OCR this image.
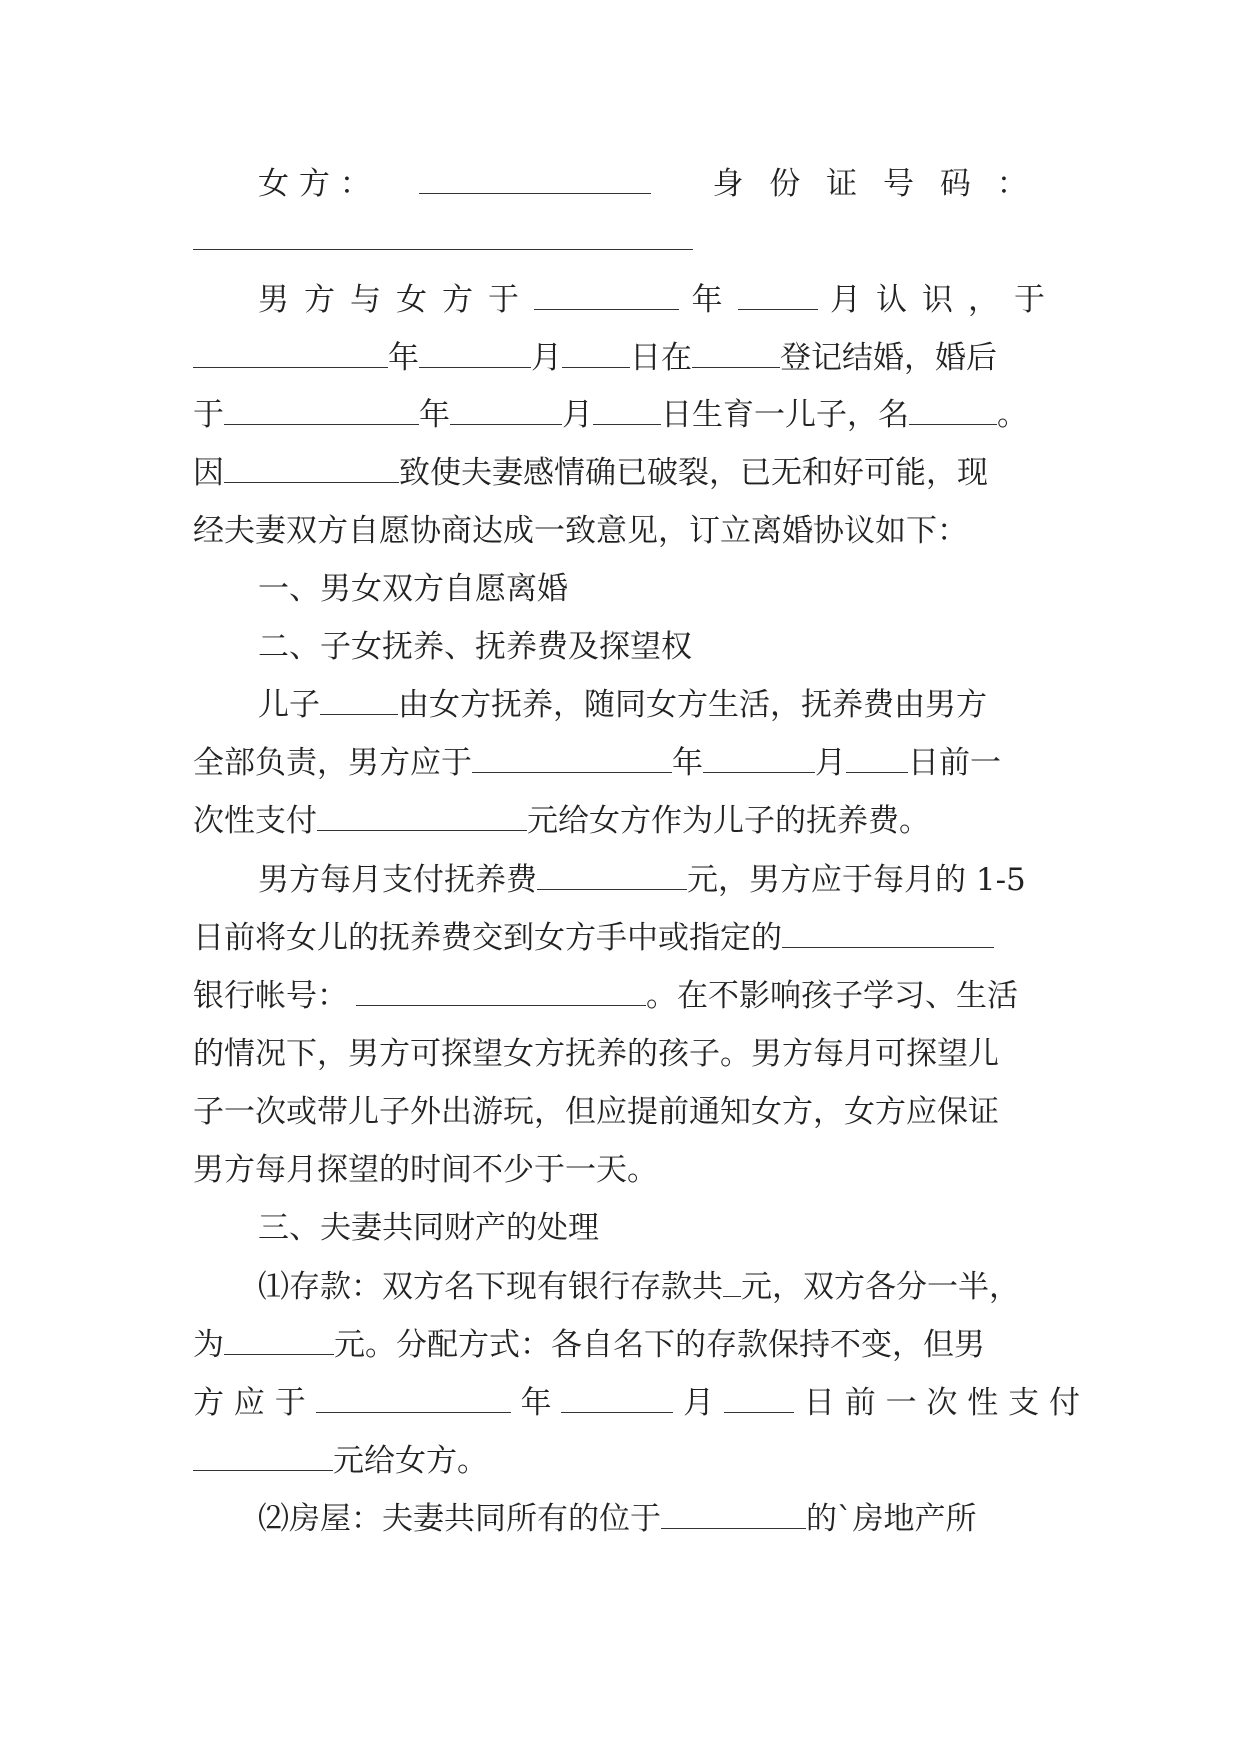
女 方 ：	身 份 证 号 码 ：
男 方 与 女 方 于	年	月 认 识 ， 于
年	月 日在	登记结婚，婚后
于	年	月 日生育一儿子，名	。
因	致使夫妻感情确已破裂，已无和好可能，现
经夫妻双方自愿协商达成一致意见，订立离婚协议如下：
一、男女双方自愿离婚
二、子女抚养、抚养费及探望权
儿子	由女方抚养，随同女方生活，抚养费由男方
全部负责，男方应于	年	月 日前一
次性支付	元给女方作为儿子的抚养费。
男方每月支付抚养费	元，男方应于每月的 1-5
日前将女儿的抚养费交到女方手中或指定的
银行帐号：	。在不影响孩子学习、生活
的情况下，男方可探望女方抚养的孩子。男方每月可探望儿
子一次或带儿子外出游玩，但应提前通知女方，女方应保证
男方每月探望的时间不少于一天。
三、夫妻共同财产的处理
⑴存款：双方名下现有银行存款共 元，双方各分一半，
为	元。分配方式：各自名下的存款保持不变，但男
方 应 于	年	月	日 前 一 次 性 支 付
元给女方。
⑵房屋：夫妻共同所有的位于	的`房地产所
